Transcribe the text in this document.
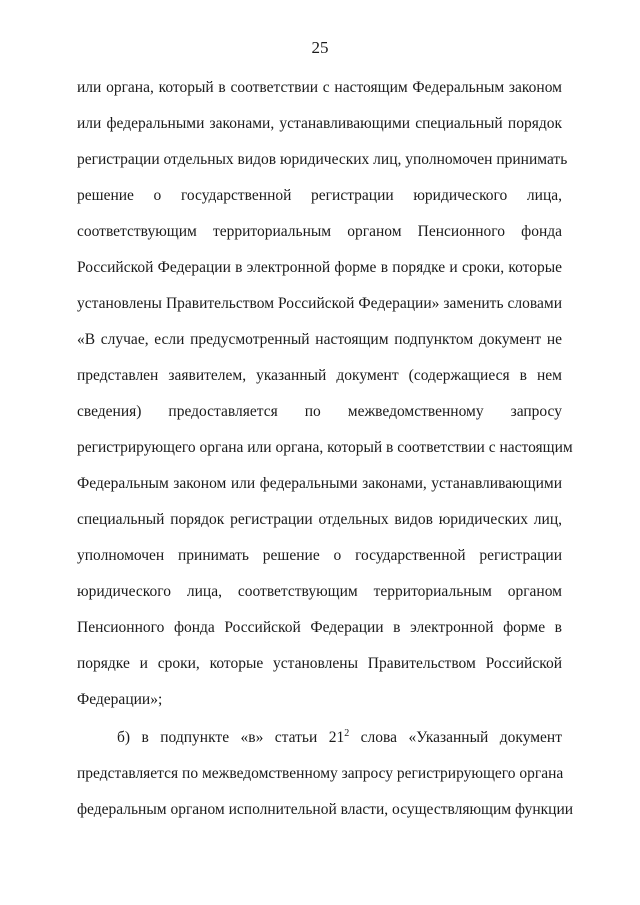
25
или органа, который в соответствии с настоящим Федеральным законом
или федеральными законами, устанавливающими специальный порядок
регистрации отдельных видов юридических лиц, уполномочен принимать
решение о государственной регистрации юридического лица,
соответствующим территориальным органом Пенсионного фонда
Российской Федерации в электронной форме в порядке и сроки, которые
установлены Правительством Российской Федерации» заменить словами
«В случае, если предусмотренный настоящим подпунктом документ не
представлен заявителем, указанный документ (содержащиеся в нем
сведения) предоставляется по межведомственному запросу
регистрирующего органа или органа, который в соответствии с настоящим
Федеральным законом или федеральными законами, устанавливающими
специальный порядок регистрации отдельных видов юридических лиц,
уполномочен принимать решение о государственной регистрации
юридического лица, соответствующим территориальным органом
Пенсионного фонда Российской Федерации в электронной форме в
порядке и сроки, которые установлены Правительством Российской
Федерации»;
б) в подпункте «в» статьи $21^2$ слова «Указанный документ
представляется по межведомственному запросу регистрирующего органа
федеральным органом исполнительной власти, осуществляющим функции
